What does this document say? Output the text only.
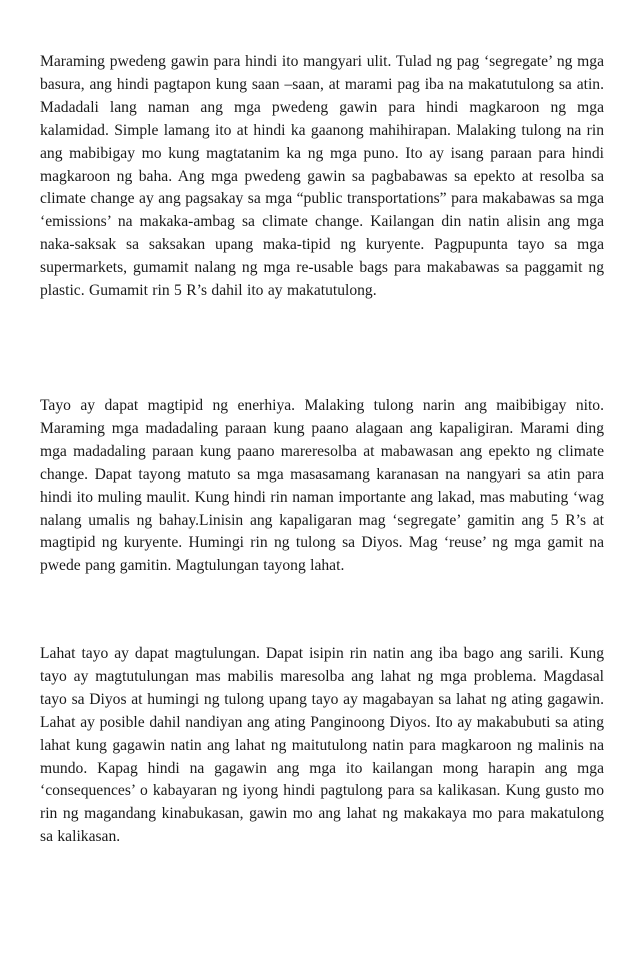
Maraming pwedeng gawin para hindi ito mangyari ulit. Tulad ng pag ‘segregate’ ng mga basura, ang hindi pagtapon kung saan –saan, at marami pag iba na makatutulong sa atin. Madadali lang naman ang mga pwedeng gawin para hindi magkaroon ng mga kalamidad. Simple lamang ito at hindi ka gaanong mahihirapan. Malaking tulong na rin ang mabibigay mo kung magtatanim ka ng mga puno. Ito ay isang paraan para hindi magkaroon ng baha. Ang mga pwedeng gawin sa pagbabawas sa epekto at resolba sa climate change ay ang pagsakay sa mga “public transportations” para makabawas sa mga ‘emissions’ na makaka-ambag sa climate change. Kailangan din natin alisin ang mga naka-saksak sa saksakan upang maka-tipid ng kuryente. Pagpupunta tayo sa mga supermarkets, gumamit nalang ng mga re-usable bags para makabawas sa paggamit ng plastic. Gumamit rin 5 R’s dahil ito ay makatutulong.

Tayo ay dapat magtipid ng enerhiya. Malaking tulong narin ang maibibigay nito. Maraming mga madadaling paraan kung paano alagaan ang kapaligiran. Marami ding mga madadaling paraan kung paano mareresolba at mabawasan ang epekto ng climate change. Dapat tayong matuto sa mga masasamang karanasan na nangyari sa atin para hindi ito muling maulit. Kung hindi rin naman importante ang lakad, mas mabuting ‘wag nalang umalis ng bahay.Linisin ang kapaligaran mag ‘segregate’ gamitin ang 5 R’s at magtipid ng kuryente. Humingi rin ng tulong sa Diyos. Mag ‘reuse’ ng mga gamit na pwede pang gamitin. Magtulungan tayong lahat.

Lahat tayo ay dapat magtulungan. Dapat isipin rin natin ang iba bago ang sarili. Kung tayo ay magtutulungan mas mabilis maresolba ang lahat ng mga problema. Magdasal tayo sa Diyos at humingi ng tulong upang tayo ay magabayan sa lahat ng ating gagawin. Lahat ay posible dahil nandiyan ang ating Panginoong Diyos. Ito ay makabubuti sa ating lahat kung gagawin natin ang lahat ng maitutulong natin para magkaroon ng malinis na mundo. Kapag hindi na gagawin ang mga ito kailangan mong harapin ang mga ‘consequences’ o kabayaran ng iyong hindi pagtulong para sa kalikasan. Kung gusto mo rin ng magandang kinabukasan, gawin mo ang lahat ng makakaya mo para makatulong sa kalikasan.
